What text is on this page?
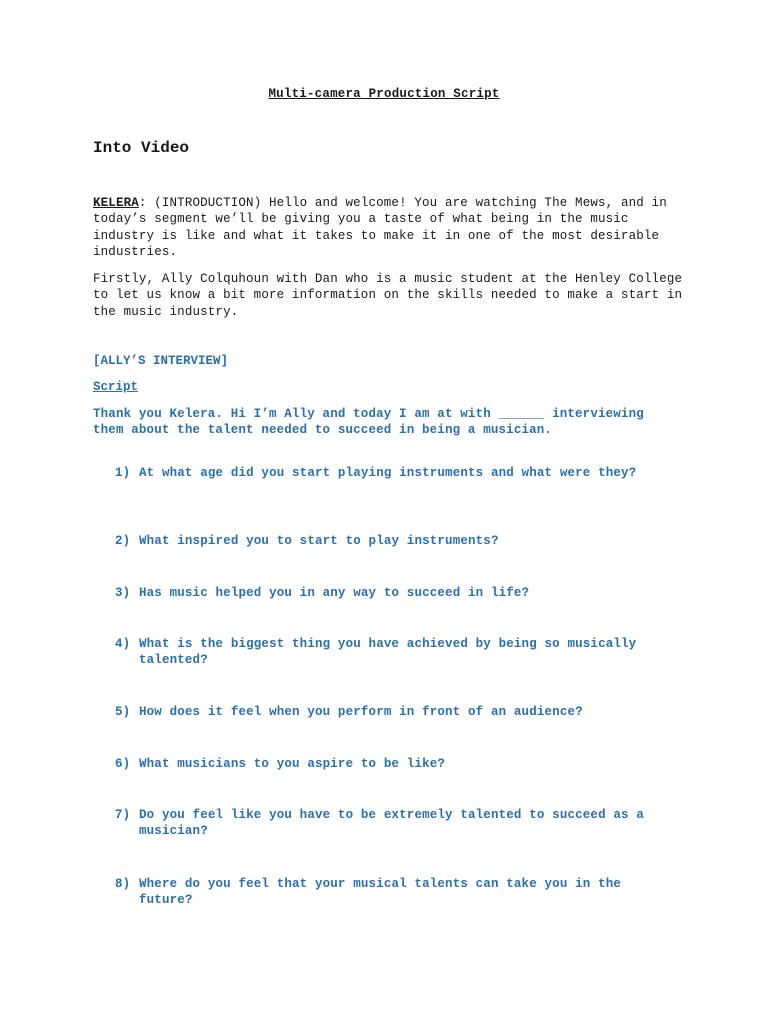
Multi-camera Production Script
Into Video
KELERA: (INTRODUCTION) Hello and welcome! You are watching The Mews, and in today’s segment we’ll be giving you a taste of what being in the music industry is like and what it takes to make it in one of the most desirable industries.
Firstly, Ally Colquhoun with Dan who is a music student at the Henley College to let us know a bit more information on the skills needed to make a start in the music industry.
[ALLY’S INTERVIEW]
Script
Thank you Kelera. Hi I’m Ally and today I am at with ______ interviewing them about the talent needed to succeed in being a musician.
1) At what age did you start playing instruments and what were they?
2) What inspired you to start to play instruments?
3) Has music helped you in any way to succeed in life?
4) What is the biggest thing you have achieved by being so musically talented?
5) How does it feel when you perform in front of an audience?
6) What musicians to you aspire to be like?
7) Do you feel like you have to be extremely talented to succeed as a musician?
8) Where do you feel that your musical talents can take you in the future?
